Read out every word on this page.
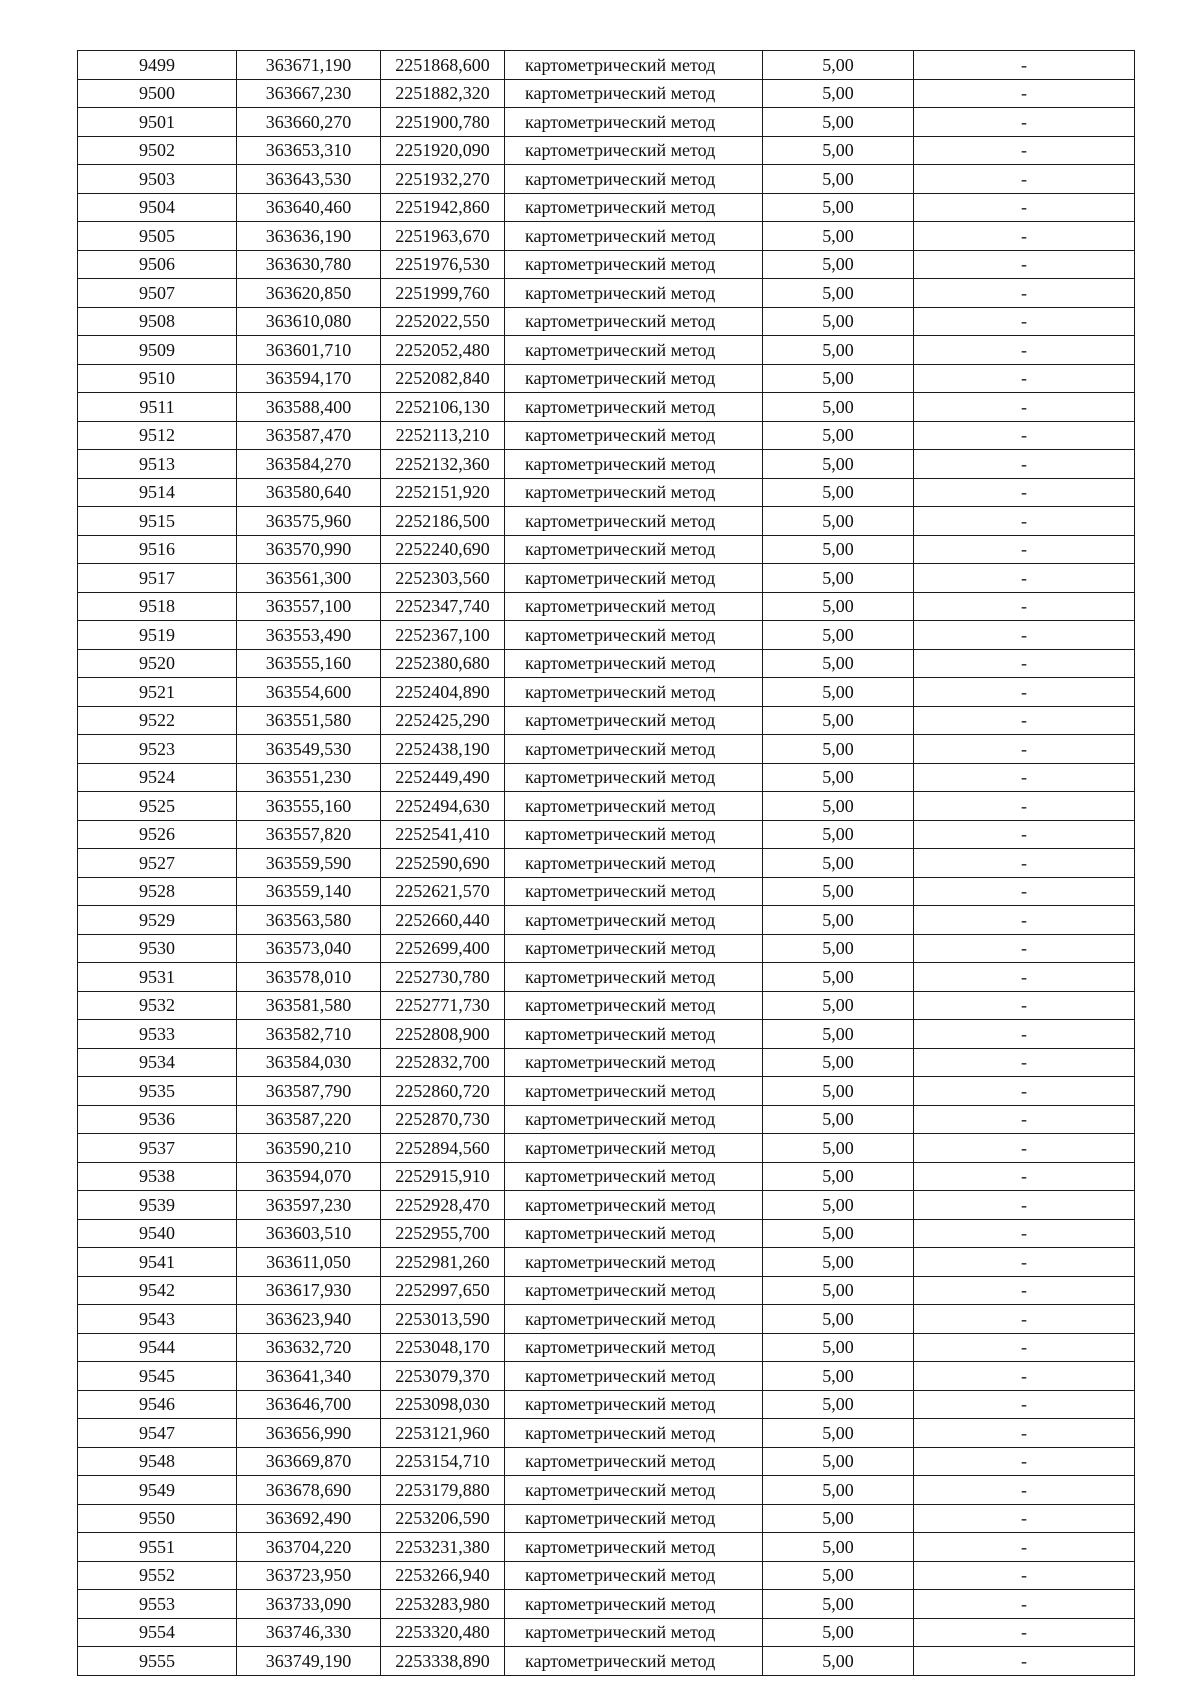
9499	363671,190	2251868,600	картометрический метод	5,00	-
9500	363667,230	2251882,320	картометрический метод	5,00	-
9501	363660,270	2251900,780	картометрический метод	5,00	-
9502	363653,310	2251920,090	картометрический метод	5,00	-
9503	363643,530	2251932,270	картометрический метод	5,00	-
9504	363640,460	2251942,860	картометрический метод	5,00	-
9505	363636,190	2251963,670	картометрический метод	5,00	-
9506	363630,780	2251976,530	картометрический метод	5,00	-
9507	363620,850	2251999,760	картометрический метод	5,00	-
9508	363610,080	2252022,550	картометрический метод	5,00	-
9509	363601,710	2252052,480	картометрический метод	5,00	-
9510	363594,170	2252082,840	картометрический метод	5,00	-
9511	363588,400	2252106,130	картометрический метод	5,00	-
9512	363587,470	2252113,210	картометрический метод	5,00	-
9513	363584,270	2252132,360	картометрический метод	5,00	-
9514	363580,640	2252151,920	картометрический метод	5,00	-
9515	363575,960	2252186,500	картометрический метод	5,00	-
9516	363570,990	2252240,690	картометрический метод	5,00	-
9517	363561,300	2252303,560	картометрический метод	5,00	-
9518	363557,100	2252347,740	картометрический метод	5,00	-
9519	363553,490	2252367,100	картометрический метод	5,00	-
9520	363555,160	2252380,680	картометрический метод	5,00	-
9521	363554,600	2252404,890	картометрический метод	5,00	-
9522	363551,580	2252425,290	картометрический метод	5,00	-
9523	363549,530	2252438,190	картометрический метод	5,00	-
9524	363551,230	2252449,490	картометрический метод	5,00	-
9525	363555,160	2252494,630	картометрический метод	5,00	-
9526	363557,820	2252541,410	картометрический метод	5,00	-
9527	363559,590	2252590,690	картометрический метод	5,00	-
9528	363559,140	2252621,570	картометрический метод	5,00	-
9529	363563,580	2252660,440	картометрический метод	5,00	-
9530	363573,040	2252699,400	картометрический метод	5,00	-
9531	363578,010	2252730,780	картометрический метод	5,00	-
9532	363581,580	2252771,730	картометрический метод	5,00	-
9533	363582,710	2252808,900	картометрический метод	5,00	-
9534	363584,030	2252832,700	картометрический метод	5,00	-
9535	363587,790	2252860,720	картометрический метод	5,00	-
9536	363587,220	2252870,730	картометрический метод	5,00	-
9537	363590,210	2252894,560	картометрический метод	5,00	-
9538	363594,070	2252915,910	картометрический метод	5,00	-
9539	363597,230	2252928,470	картометрический метод	5,00	-
9540	363603,510	2252955,700	картометрический метод	5,00	-
9541	363611,050	2252981,260	картометрический метод	5,00	-
9542	363617,930	2252997,650	картометрический метод	5,00	-
9543	363623,940	2253013,590	картометрический метод	5,00	-
9544	363632,720	2253048,170	картометрический метод	5,00	-
9545	363641,340	2253079,370	картометрический метод	5,00	-
9546	363646,700	2253098,030	картометрический метод	5,00	-
9547	363656,990	2253121,960	картометрический метод	5,00	-
9548	363669,870	2253154,710	картометрический метод	5,00	-
9549	363678,690	2253179,880	картометрический метод	5,00	-
9550	363692,490	2253206,590	картометрический метод	5,00	-
9551	363704,220	2253231,380	картометрический метод	5,00	-
9552	363723,950	2253266,940	картометрический метод	5,00	-
9553	363733,090	2253283,980	картометрический метод	5,00	-
9554	363746,330	2253320,480	картометрический метод	5,00	-
9555	363749,190	2253338,890	картометрический метод	5,00	-
